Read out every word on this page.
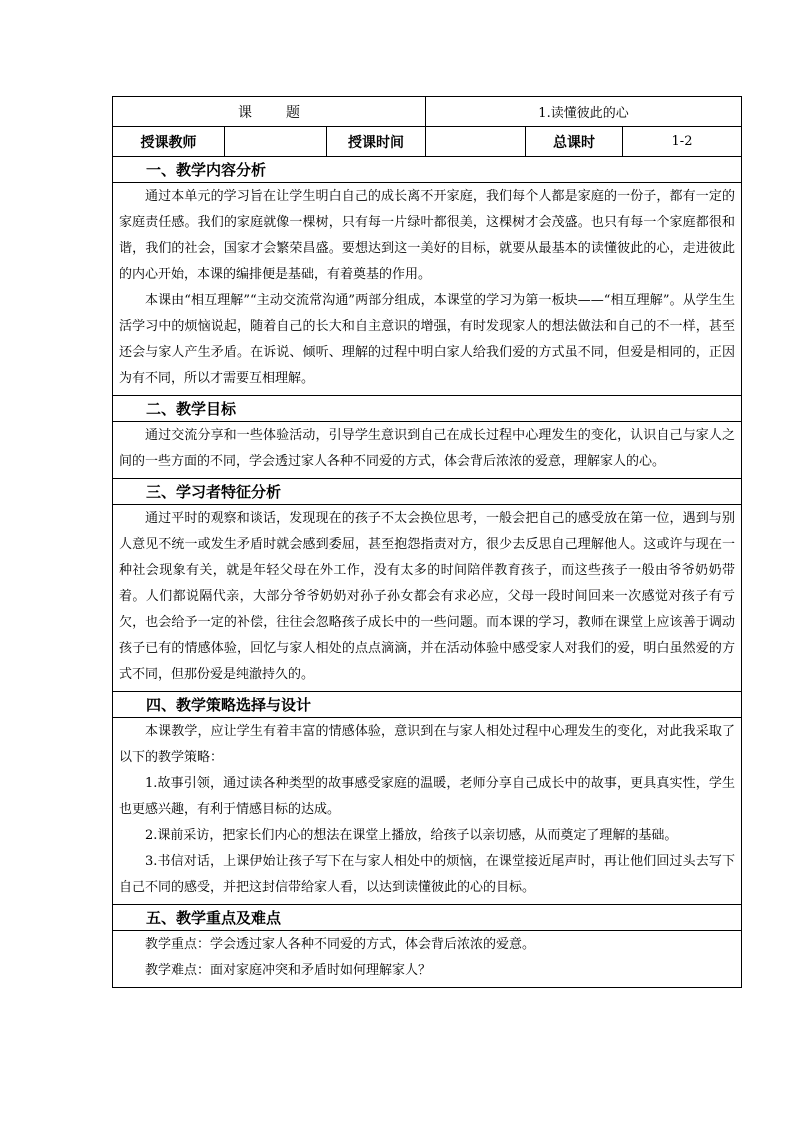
课 题			1.读懂彼此的心		
授课教师		授课时间		总课时	1-2
一、教学内容分析					

通过本单元的学习旨在让学生明白自己的成长离不开家庭，我们每个人都是家庭的一份子，都有一定的家庭责任感。我们的家庭就像一棵树，只有每一片绿叶都很美，这棵树才会茂盛。也只有每一个家庭都很和谐，我们的社会，国家才会繁荣昌盛。要想达到这一美好的目标，就要从最基本的读懂彼此的心，走进彼此的内心开始，本课的编排便是基础，有着奠基的作用。

本课由“相互理解”“主动交流常沟通”两部分组成，本课堂的学习为第一板块——“相互理解”。从学生生活学习中的烦恼说起，随着自己的长大和自主意识的增强，有时发现家人的想法做法和自己的不一样，甚至还会与家人产生矛盾。在诉说、倾听、理解的过程中明白家人给我们爱的方式虽不同，但爱是相同的，正因为有不同，所以才需要互相理解。					

二、教学目标					

通过交流分享和一些体验活动，引导学生意识到自己在成长过程中心理发生的变化，认识自己与家人之间的一些方面的不同，学会透过家人各种不同爱的方式，体会背后浓浓的爱意，理解家人的心。					

三、学习者特征分析					

通过平时的观察和谈话，发现现在的孩子不太会换位思考，一般会把自己的感受放在第一位，遇到与别人意见不统一或发生矛盾时就会感到委屈，甚至抱怨指责对方，很少去反思自己理解他人。这或许与现在一种社会现象有关，就是年轻父母在外工作，没有太多的时间陪伴教育孩子，而这些孩子一般由爷爷奶奶带着。人们都说隔代亲，大部分爷爷奶奶对孙子孙女都会有求必应，父母一段时间回来一次感觉对孩子有亏欠，也会给予一定的补偿，往往会忽略孩子成长中的一些问题。而本课的学习，教师在课堂上应该善于调动孩子已有的情感体验，回忆与家人相处的点点滴滴，并在活动体验中感受家人对我们的爱，明白虽然爱的方式不同，但那份爱是纯澈持久的。					

四、教学策略选择与设计					

本课教学，应让学生有着丰富的情感体验，意识到在与家人相处过程中心理发生的变化，对此我采取了以下的教学策略：

1.故事引领，通过读各种类型的故事感受家庭的温暖，老师分享自己成长中的故事，更具真实性，学生也更感兴趣，有利于情感目标的达成。

2.课前采访，把家长们内心的想法在课堂上播放，给孩子以亲切感，从而奠定了理解的基础。

3.书信对话，上课伊始让孩子写下在与家人相处中的烦恼，在课堂接近尾声时，再让他们回过头去写下自己不同的感受，并把这封信带给家人看，以达到读懂彼此的心的目标。					

五、教学重点及难点					

教学重点：学会透过家人各种不同爱的方式，体会背后浓浓的爱意。

教学难点：面对家庭冲突和矛盾时如何理解家人？					
